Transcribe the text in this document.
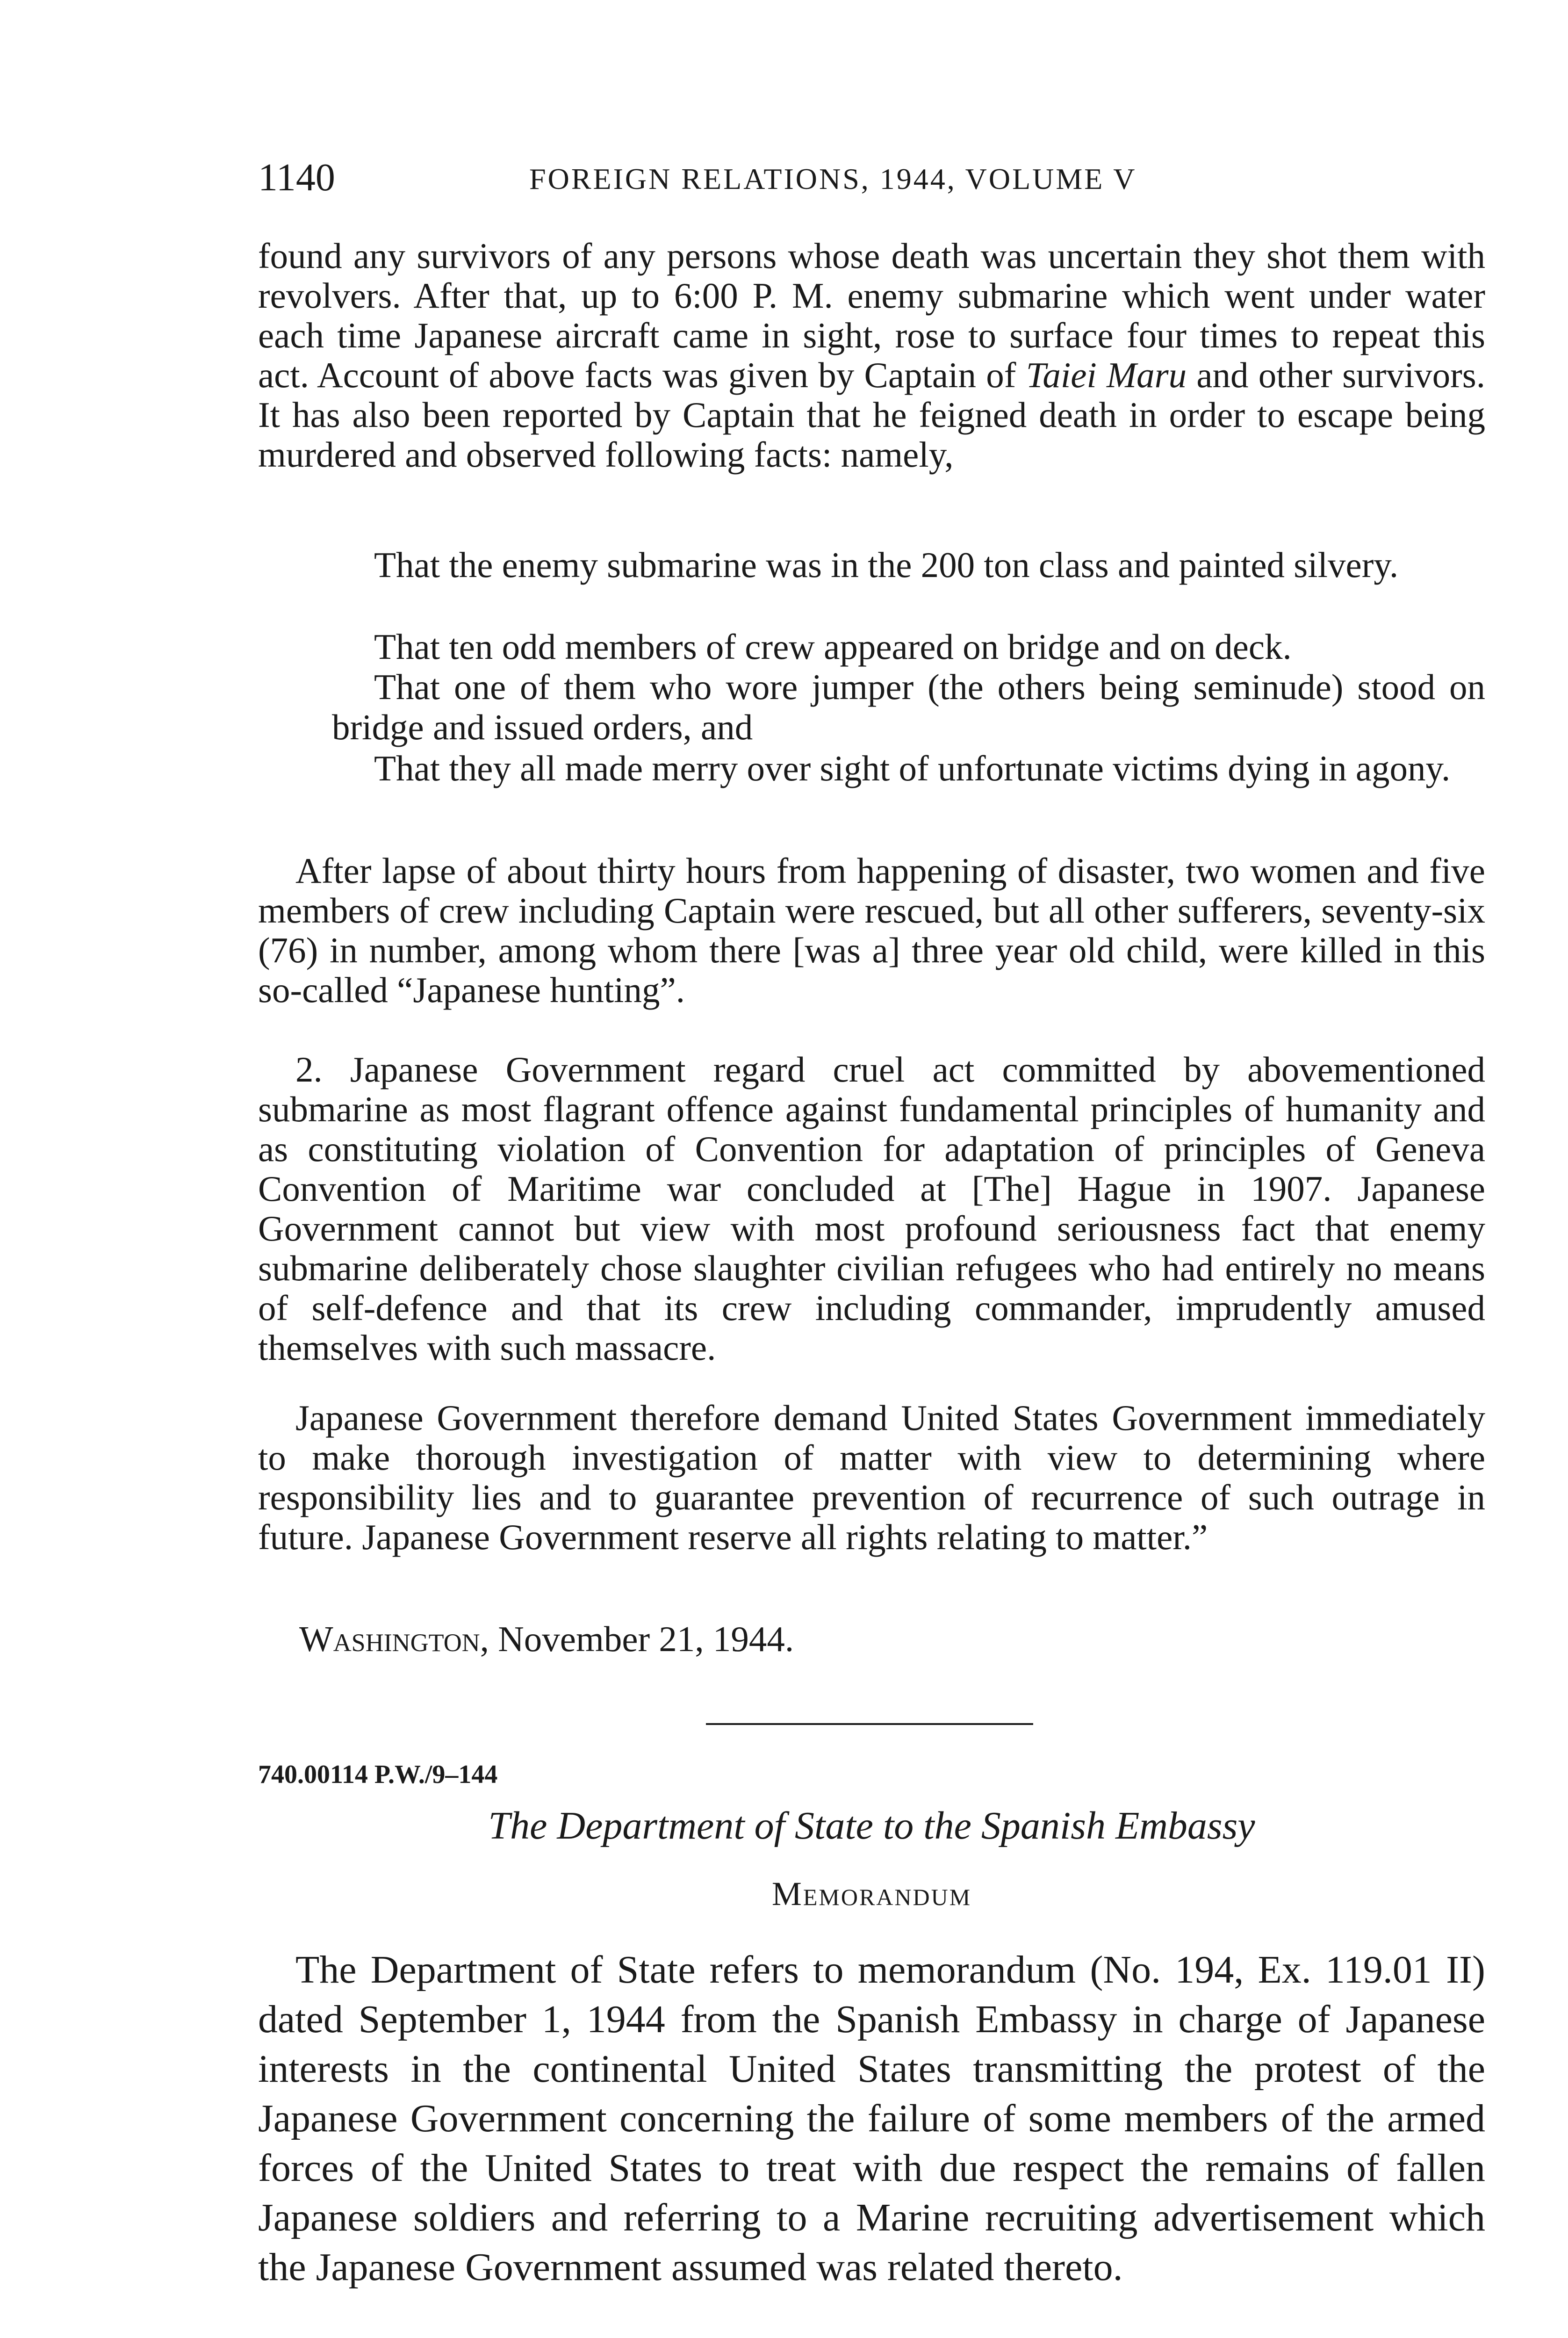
1140	FOREIGN RELATIONS, 1944, VOLUME V

found any survivors of any persons whose death was uncertain they shot them with revolvers. After that, up to 6:00 P. M. enemy submarine which went under water each time Japanese aircraft came in sight, rose to surface four times to repeat this act. Account of above facts was given by Captain of Taiei Maru and other survivors. It has also been reported by Captain that he feigned death in order to escape being murdered and observed following facts: namely,

That the enemy submarine was in the 200 ton class and painted silvery.

That ten odd members of crew appeared on bridge and on deck.

That one of them who wore jumper (the others being seminude) stood on bridge and issued orders, and

That they all made merry over sight of unfortunate victims dying in agony.

After lapse of about thirty hours from happening of disaster, two women and five members of crew including Captain were rescued, but all other sufferers, seventy-six (76) in number, among whom there [was a] three year old child, were killed in this so-called “Japanese hunting”.

2. Japanese Government regard cruel act committed by abovementioned submarine as most flagrant offence against fundamental principles of humanity and as constituting violation of Convention for adaptation of principles of Geneva Convention of Maritime war concluded at [The] Hague in 1907. Japanese Government cannot but view with most profound seriousness fact that enemy submarine deliberately chose slaughter civilian refugees who had entirely no means of self-defence and that its crew including commander, imprudently amused themselves with such massacre.

Japanese Government therefore demand United States Government immediately to make thorough investigation of matter with view to determining where responsibility lies and to guarantee prevention of recurrence of such outrage in future. Japanese Government reserve all rights relating to matter.”

Washington, November 21, 1944.
740.00114 P.W./9–144
The Department of State to the Spanish Embassy
Memorandum

The Department of State refers to memorandum (No. 194, Ex. 119.01 II) dated September 1, 1944 from the Spanish Embassy in charge of Japanese interests in the continental United States transmitting the protest of the Japanese Government concerning the failure of some members of the armed forces of the United States to treat with due respect the remains of fallen Japanese soldiers and referring to a Marine recruiting advertisement which the Japanese Government assumed was related thereto.
